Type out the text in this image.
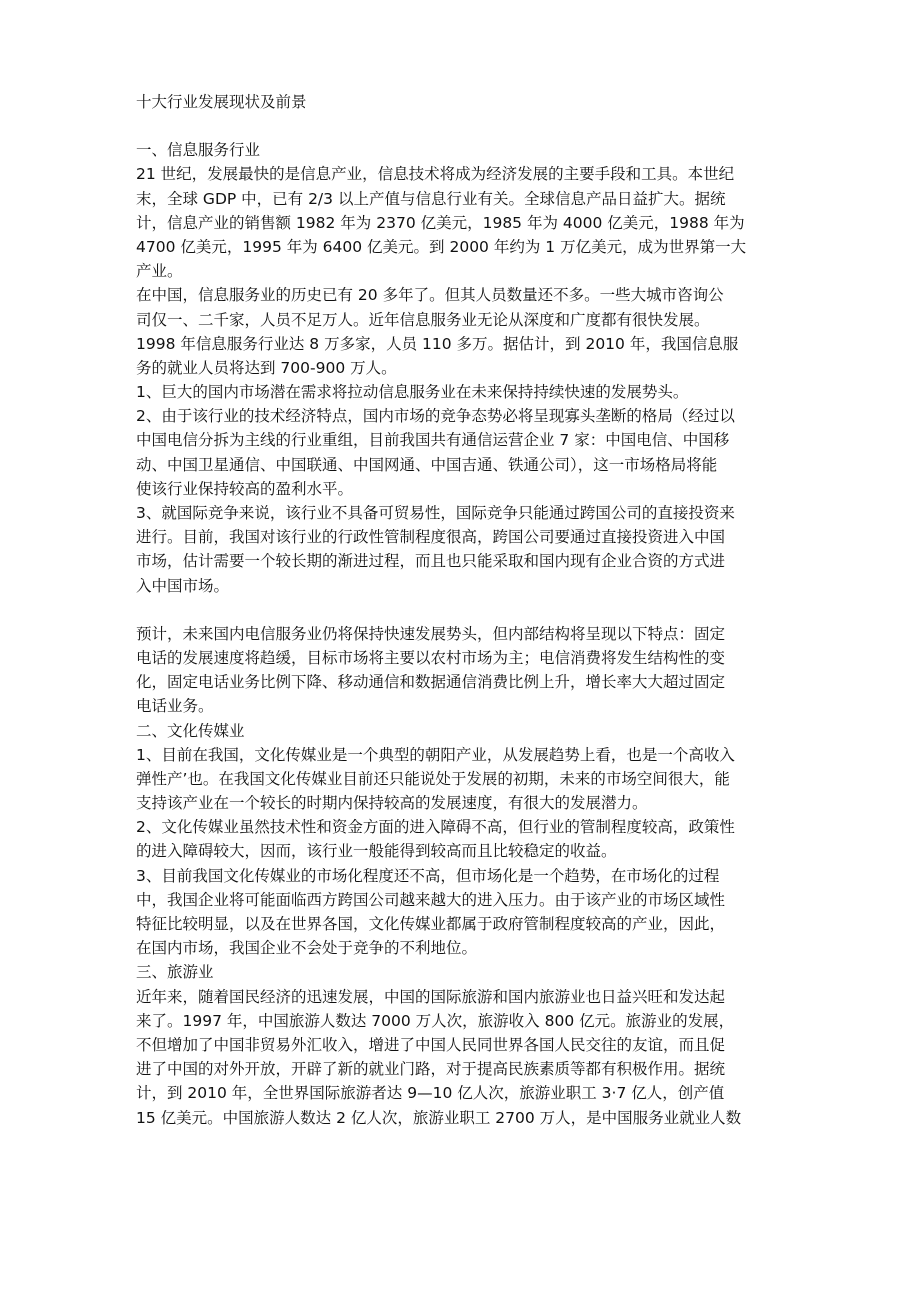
十大行业发展现状及前景
一、信息服务行业
21 世纪，发展最快的是信息产业，信息技术将成为经济发展的主要手段和工具。本世纪
末，全球 GDP 中，已有 2/3 以上产值与信息行业有关。全球信息产品日益扩大。据统
计，信息产业的销售额 1982 年为 2370 亿美元，1985 年为 4000 亿美元，1988 年为
4700 亿美元，1995 年为 6400 亿美元。到 2000 年约为 1 万亿美元，成为世界第一大
产业。
在中国，信息服务业的历史已有 20 多年了。但其人员数量还不多。一些大城市咨询公
司仅一、二千家，人员不足万人。近年信息服务业无论从深度和广度都有很快发展。
1998 年信息服务行业达 8 万多家，人员 110 多万。据估计，到 2010 年，我国信息服
务的就业人员将达到 700-900 万人。
1、巨大的国内市场潜在需求将拉动信息服务业在未来保持持续快速的发展势头。
2、由于该行业的技术经济特点，国内市场的竞争态势必将呈现寡头垄断的格局（经过以
中国电信分拆为主线的行业重组，目前我国共有通信运营企业 7 家：中国电信、中国移
动、中国卫星通信、中国联通、中国网通、中国吉通、铁通公司），这一市场格局将能
使该行业保持较高的盈利水平。
3、就国际竞争来说，该行业不具备可贸易性，国际竞争只能通过跨国公司的直接投资来
进行。目前，我国对该行业的行政性管制程度很高，跨国公司要通过直接投资进入中国
市场，估计需要一个较长期的渐进过程，而且也只能采取和国内现有企业合资的方式进
入中国市场。
预计，未来国内电信服务业仍将保持快速发展势头，但内部结构将呈现以下特点：固定
电话的发展速度将趋缓，目标市场将主要以农村市场为主；电信消费将发生结构性的变
化，固定电话业务比例下降、移动通信和数据通信消费比例上升，增长率大大超过固定
电话业务。
二、文化传媒业
1、目前在我国，文化传媒业是一个典型的朝阳产业，从发展趋势上看，也是一个高收入
弹性产’也。在我国文化传媒业目前还只能说处于发展的初期，未来的市场空间很大，能
支持该产业在一个较长的时期内保持较高的发展速度，有很大的发展潜力。
2、文化传媒业虽然技术性和资金方面的进入障碍不高，但行业的管制程度较高，政策性
的进入障碍较大，因而，该行业一般能得到较高而且比较稳定的收益。
3、目前我国文化传媒业的市场化程度还不高，但市场化是一个趋势，在市场化的过程
中，我国企业将可能面临西方跨国公司越来越大的进入压力。由于该产业的市场区域性
特征比较明显，以及在世界各国，文化传媒业都属于政府管制程度较高的产业，因此，
在国内市场，我国企业不会处于竞争的不利地位。
三、旅游业
近年来，随着国民经济的迅速发展，中国的国际旅游和国内旅游业也日益兴旺和发达起
来了。1997 年，中国旅游人数达 7000 万人次，旅游收入 800 亿元。旅游业的发展，
不但增加了中国非贸易外汇收入，增进了中国人民同世界各国人民交往的友谊，而且促
进了中国的对外开放，开辟了新的就业门路，对于提高民族素质等都有积极作用。据统
计，到 2010 年，全世界国际旅游者达 9—10 亿人次，旅游业职工 3·7 亿人，创产值
15 亿美元。中国旅游人数达 2 亿人次，旅游业职工 2700 万人，是中国服务业就业人数
